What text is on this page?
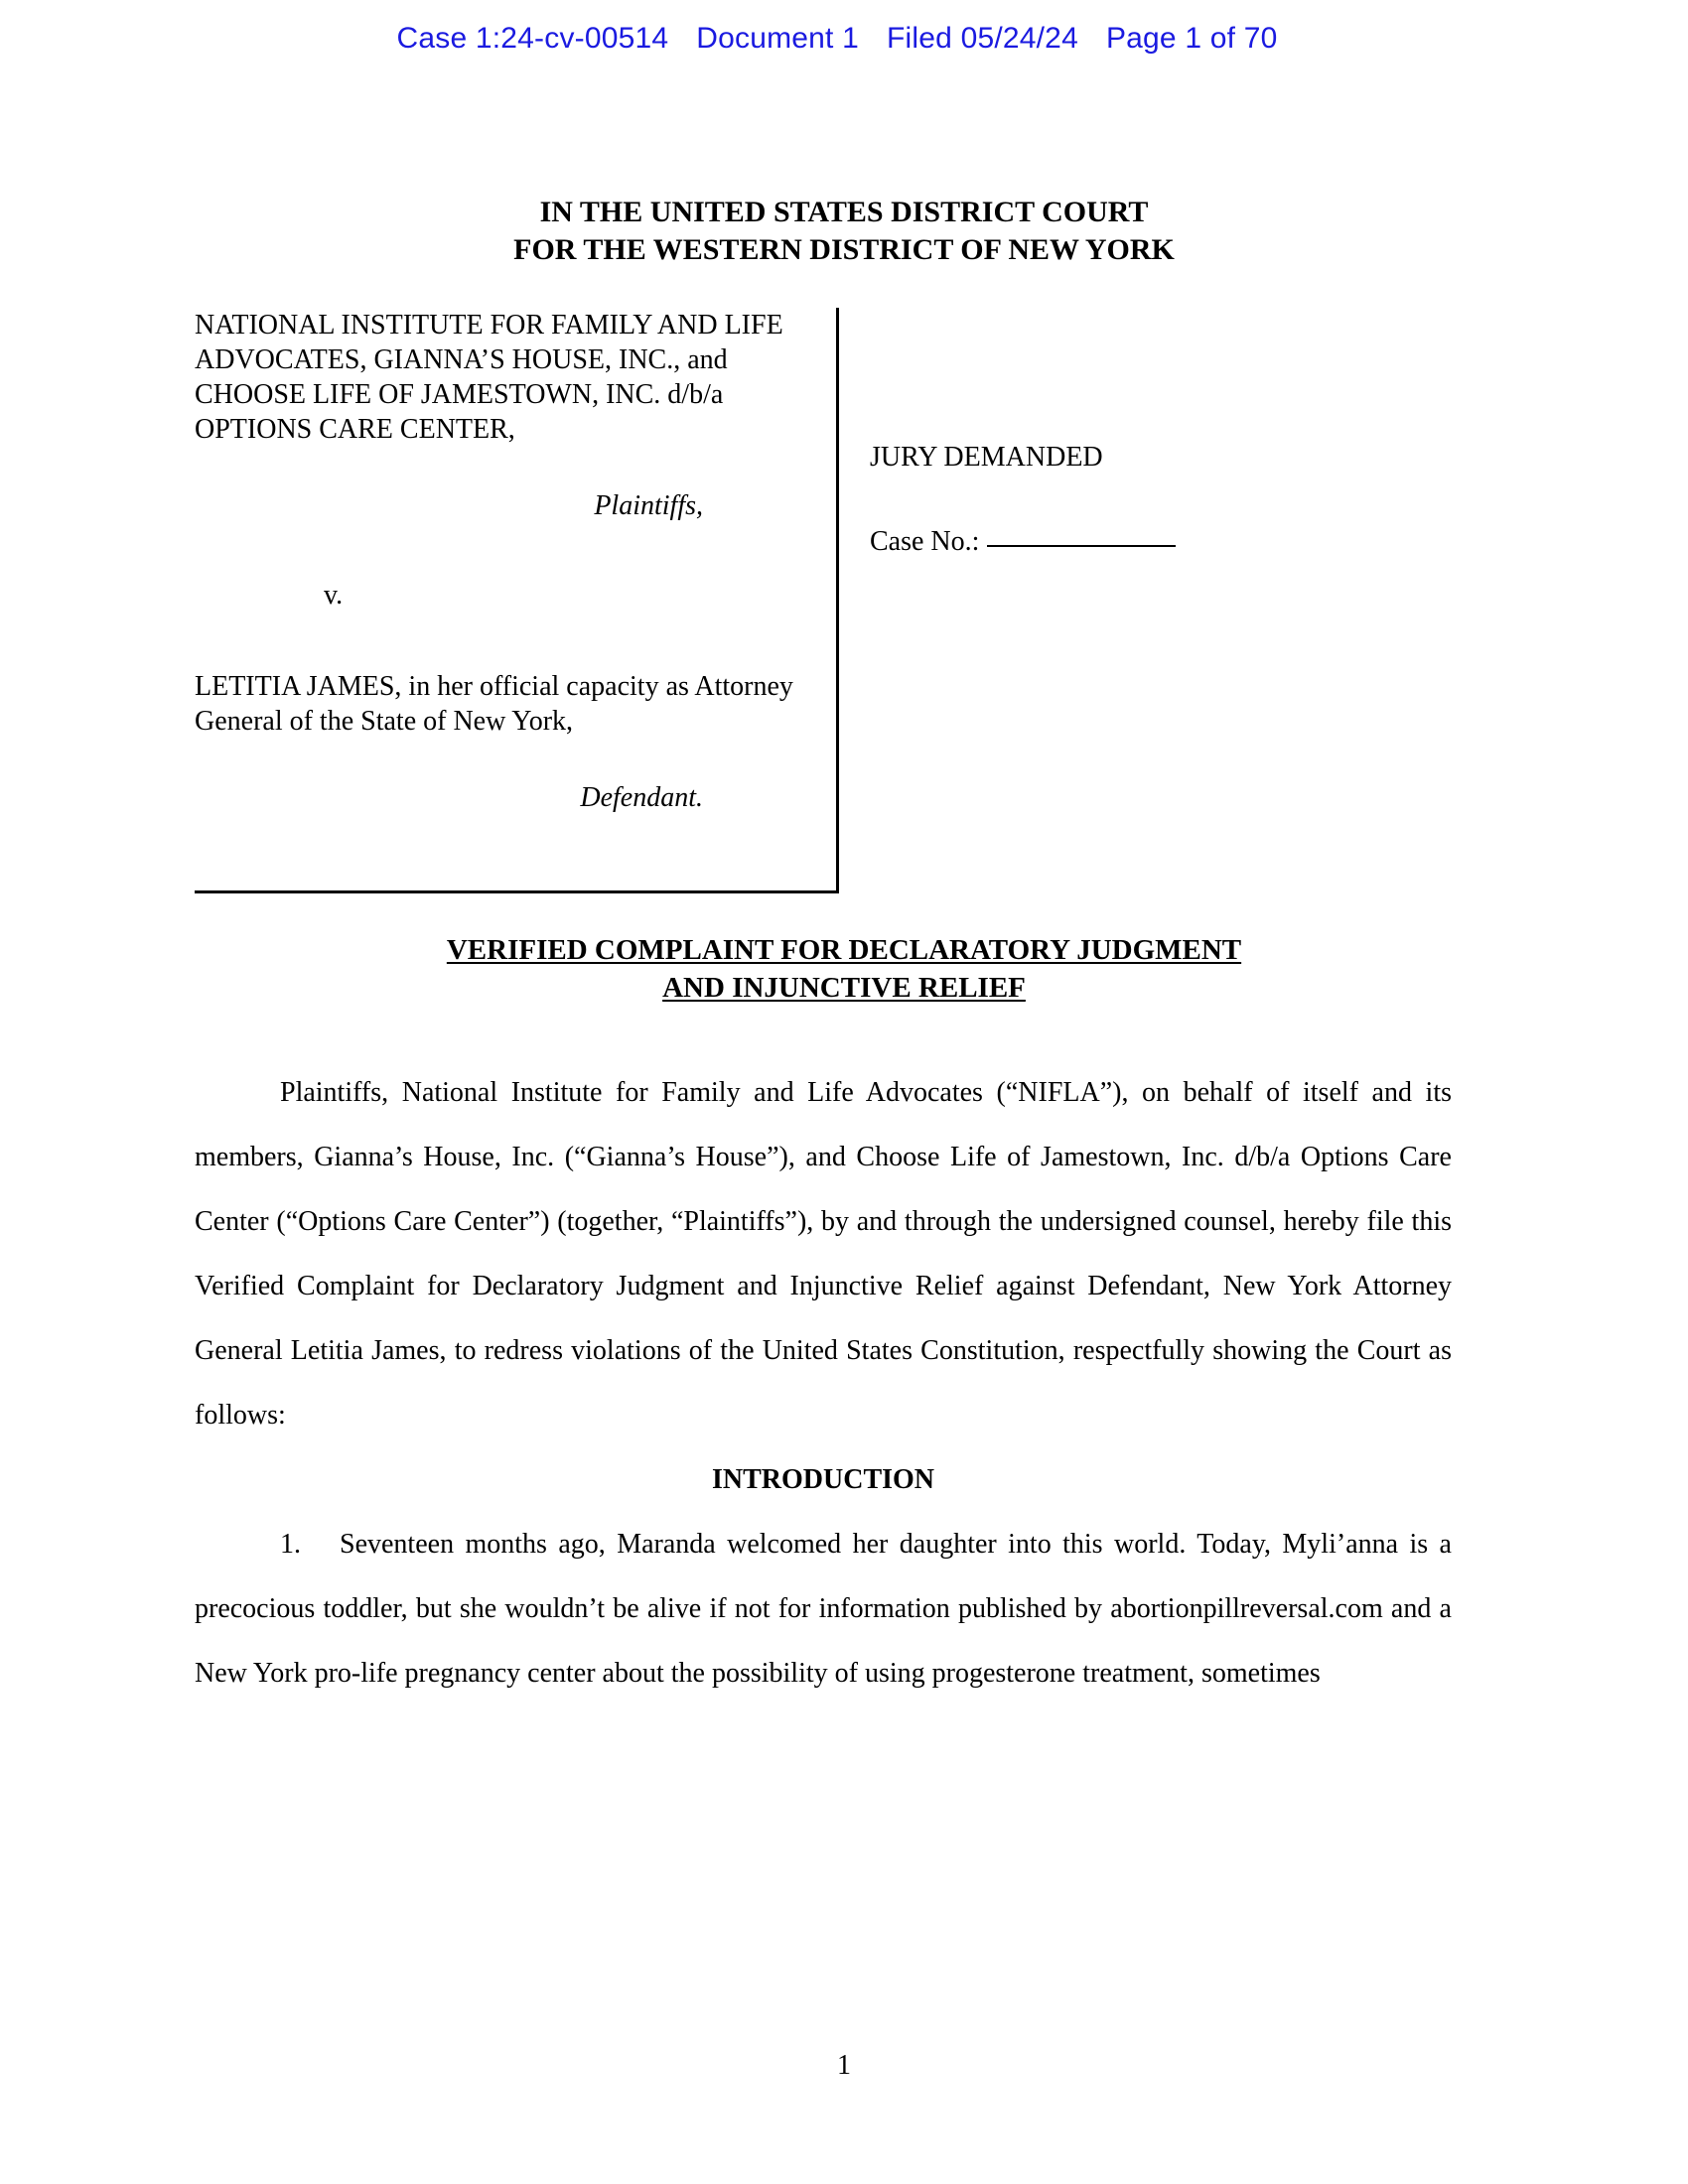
Case 1:24-cv-00514 Document 1 Filed 05/24/24 Page 1 of 70
IN THE UNITED STATES DISTRICT COURT
FOR THE WESTERN DISTRICT OF NEW YORK

NATIONAL INSTITUTE FOR FAMILY AND LIFE ADVOCATES, GIANNA’S HOUSE, INC., and CHOOSE LIFE OF JAMESTOWN, INC. d/b/a OPTIONS CARE CENTER,

Plaintiffs,

v.

LETITIA JAMES, in her official capacity as Attorney General of the State of New York,

Defendant.

JURY DEMANDED

Case No.:

VERIFIED COMPLAINT FOR DECLARATORY JUDGMENT
AND INJUNCTIVE RELIEF

Plaintiffs, National Institute for Family and Life Advocates (“NIFLA”), on behalf of itself and its members, Gianna’s House, Inc. (“Gianna’s House”), and Choose Life of Jamestown, Inc. d/b/a Options Care Center (“Options Care Center”) (together, “Plaintiffs”), by and through the undersigned counsel, hereby file this Verified Complaint for Declaratory Judgment and Injunctive Relief against Defendant, New York Attorney General Letitia James, to redress violations of the United States Constitution, respectfully showing the Court as follows:

INTRODUCTION

1. Seventeen months ago, Maranda welcomed her daughter into this world. Today, Myli’anna is a precocious toddler, but she wouldn’t be alive if not for information published by abortionpillreversal.com and a New York pro-life pregnancy center about the possibility of using progesterone treatment, sometimes

1
